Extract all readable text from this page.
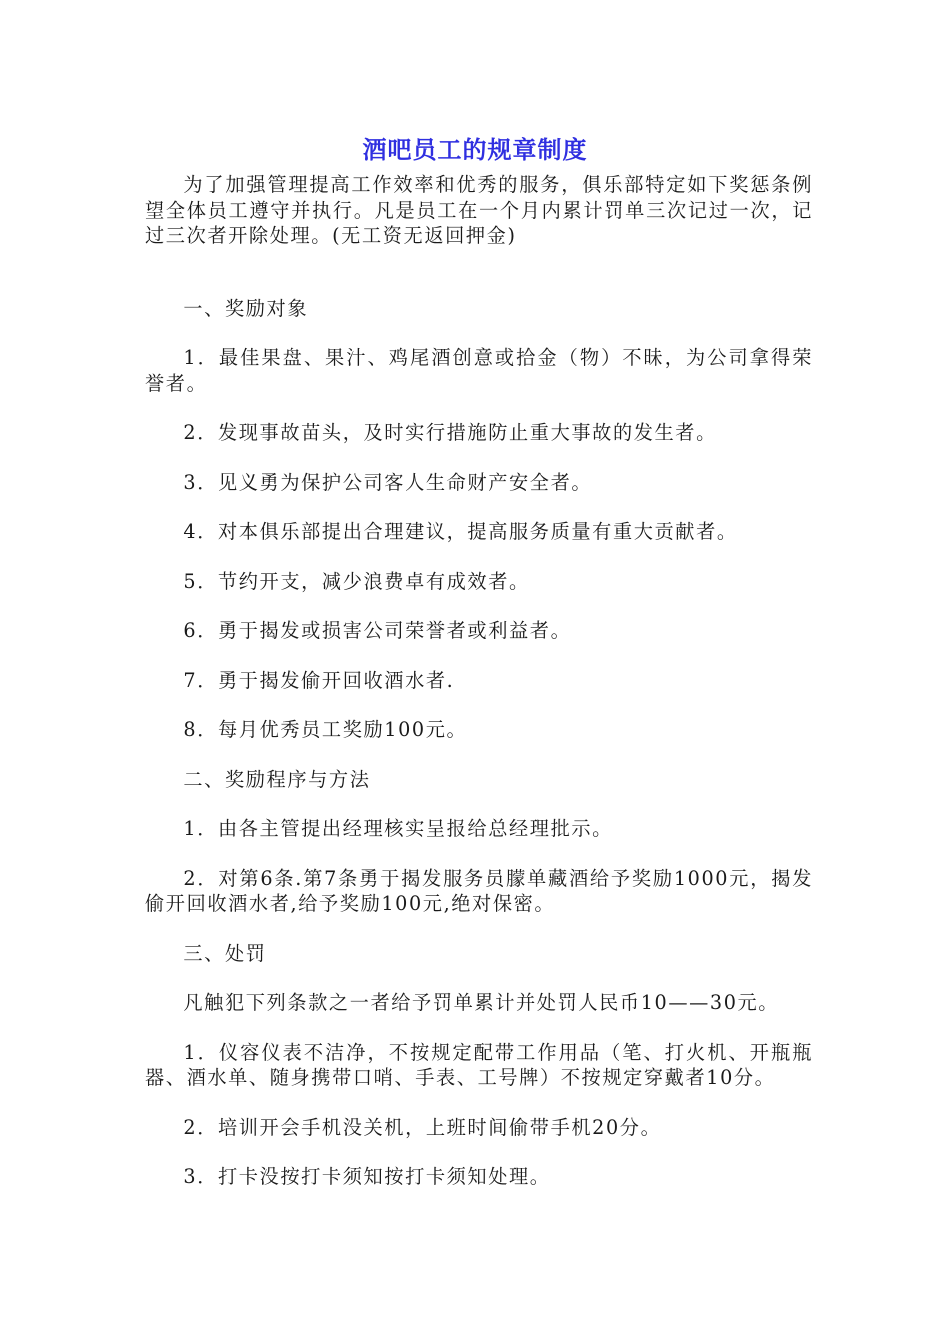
酒吧员工的规章制度

为了加强管理提高工作效率和优秀的服务，俱乐部特定如下奖惩条例望全体员工遵守并执行。凡是员工在一个月内累计罚单三次记过一次，记过三次者开除处理。(无工资无返回押金)

一、奖励对象

1．最佳果盘、果汁、鸡尾酒创意或拾金（物）不昧，为公司拿得荣誉者。

2．发现事故苗头，及时实行措施防止重大事故的发生者。

3．见义勇为保护公司客人生命财产安全者。

4．对本俱乐部提出合理建议，提高服务质量有重大贡献者。

5．节约开支，减少浪费卓有成效者。

6．勇于揭发或损害公司荣誉者或利益者。

7．勇于揭发偷开回收酒水者.

8．每月优秀员工奖励100元。

二、奖励程序与方法

1．由各主管提出经理核实呈报给总经理批示。

2．对第6条.第7条勇于揭发服务员朦单藏酒给予奖励1000元，揭发偷开回收酒水者,给予奖励100元,绝对保密。

三、处罚

凡触犯下列条款之一者给予罚单累计并处罚人民币10——30元。

1．仪容仪表不洁净，不按规定配带工作用品（笔、打火机、开瓶瓶器、酒水单、随身携带口哨、手表、工号牌）不按规定穿戴者10分。

2．培训开会手机没关机，上班时间偷带手机20分。

3．打卡没按打卡须知按打卡须知处理。
